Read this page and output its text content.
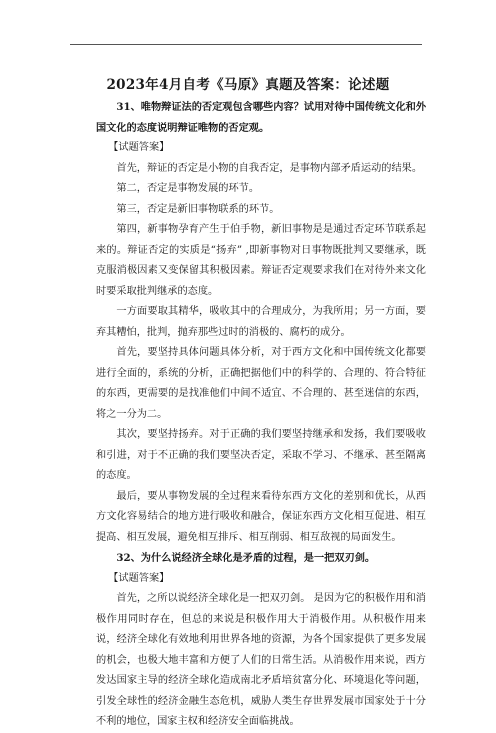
2023年4月自考《马原》真题及答案：论述题

31、唯物辩证法的否定观包含哪些内容？试用对待中国传统文化和外国文化的态度说明辩证唯物的否定观。

【试题答案】

首先，辩证的否定是小物的自我否定，是事物内部矛盾运动的结果。

第二，否定是事物发展的环节。

第三，否定是新旧事物联系的环节。

第四，新事物孕育产生于伯手物，新旧事物是是通过否定环节联系起来的。辩证否定的实质是“扬弃” ,即新事物对日事物既批判又要继承，既克服消极因素又变保留其积极因素。辩证否定观要求我们在对待外来文化时要采取批判继承的态度。

一方面要取其精华，吸收其中的合理成分，为我所用；另一方面，要弃其糟怕，批判，抛弃那些过时的消极的、腐朽的成分。

首先，要坚持具体问题具体分析，对于西方文化和中国传统文化都要进行全面的，系统的分析，正确把据他们中的科学的、合理的、符合特征的东西，更需要的是找准他们中间不适宜、不合理的、甚至迷信的东西，将之一分为二。

其次，要坚持扬弃。对于正确的我们要坚持继承和发扬，我们要吸收和引进，对于不正确的我们要坚决否定，采取不学习、不继承、甚至隔离的态度。

最后，要从事物发展的全过程来看待东西方文化的差别和优长，从西方文化容易结合的地方进行吸收和融合，保证东西方文化相互促进、相互提高、相互发展，避免相互排斥、相互削弱、相互敌视的局面发生。

32、为什么说经济全球化是矛盾的过程，是一把双刃剑。

【试题答案】

首先，之所以说经济全球化是一把双刃剑。 是因为它的积极作用和消极作用同时存在，但总的来说是积极作用大于消极作用。从积极作用来说，经济全球化有效地利用世界各地的资源，为各个国家提供了更多发展的机会，也极大地丰富和方便了人们的日常生活。从消极作用来说，西方发达国家主导的经济全球化造成南北矛盾培贫富分化、环境退化等问题，引发全球性的经济金融生态危机，威胁人类生存世界发展市国家处于十分不利的地位，国家主权和经济安全面临挑战。
